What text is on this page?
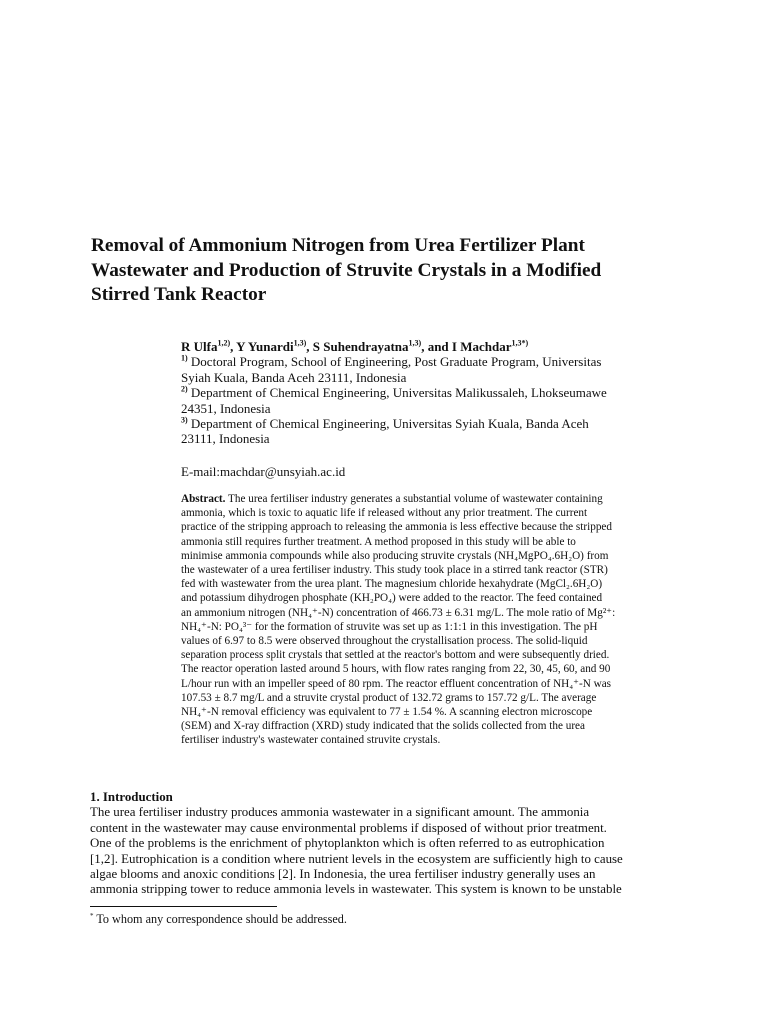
Removal of Ammonium Nitrogen from Urea Fertilizer Plant
Wastewater and Production of Struvite Crystals in a Modified
Stirred Tank Reactor
R Ulfa$^{1,2)}$, Y Yunardi$^{1,3)}$, S Suhendrayatna$^{1,3)}$, and I Machdar$^{1,3*)}$
$^{1)}$ Doctoral Program, School of Engineering, Post Graduate Program, Universitas
Syiah Kuala, Banda Aceh 23111, Indonesia
$^{2)}$ Department of Chemical Engineering, Universitas Malikussaleh, Lhokseumawe
24351, Indonesia
$^{3)}$ Department of Chemical Engineering, Universitas Syiah Kuala, Banda Aceh
23111, Indonesia
E-mail:machdar@unsyiah.ac.id
Abstract. The urea fertiliser industry generates a substantial volume of wastewater containing
ammonia, which is toxic to aquatic life if released without any prior treatment. The current
practice of the stripping approach to releasing the ammonia is less effective because the stripped
ammonia still requires further treatment. A method proposed in this study will be able to
minimise ammonia compounds while also producing struvite crystals (NH₄MgPO₄.6H₂O) from
the wastewater of a urea fertiliser industry. This study took place in a stirred tank reactor (STR)
fed with wastewater from the urea plant. The magnesium chloride hexahydrate (MgCl₂.6H₂O)
and potassium dihydrogen phosphate (KH₂PO₄) were added to the reactor. The feed contained
an ammonium nitrogen (NH₄⁺-N) concentration of 466.73 ± 6.31 mg/L. The mole ratio of Mg²⁺:
NH₄⁺-N: PO₄³⁻ for the formation of struvite was set up as 1:1:1 in this investigation. The pH
values of 6.97 to 8.5 were observed throughout the crystallisation process. The solid-liquid
separation process split crystals that settled at the reactor's bottom and were subsequently dried.
The reactor operation lasted around 5 hours, with flow rates ranging from 22, 30, 45, 60, and 90
L/hour run with an impeller speed of 80 rpm. The reactor effluent concentration of NH₄⁺-N was
107.53 ± 8.7 mg/L and a struvite crystal product of 132.72 grams to 157.72 g/L. The average
NH₄⁺-N removal efficiency was equivalent to 77 ± 1.54 %. A scanning electron microscope
(SEM) and X-ray diffraction (XRD) study indicated that the solids collected from the urea
fertiliser industry's wastewater contained struvite crystals.
1. Introduction
The urea fertiliser industry produces ammonia wastewater in a significant amount. The ammonia
content in the wastewater may cause environmental problems if disposed of without prior treatment.
One of the problems is the enrichment of phytoplankton which is often referred to as eutrophication
[1,2]. Eutrophication is a condition where nutrient levels in the ecosystem are sufficiently high to cause
algae blooms and anoxic conditions [2]. In Indonesia, the urea fertiliser industry generally uses an
ammonia stripping tower to reduce ammonia levels in wastewater. This system is known to be unstable
* To whom any correspondence should be addressed.
